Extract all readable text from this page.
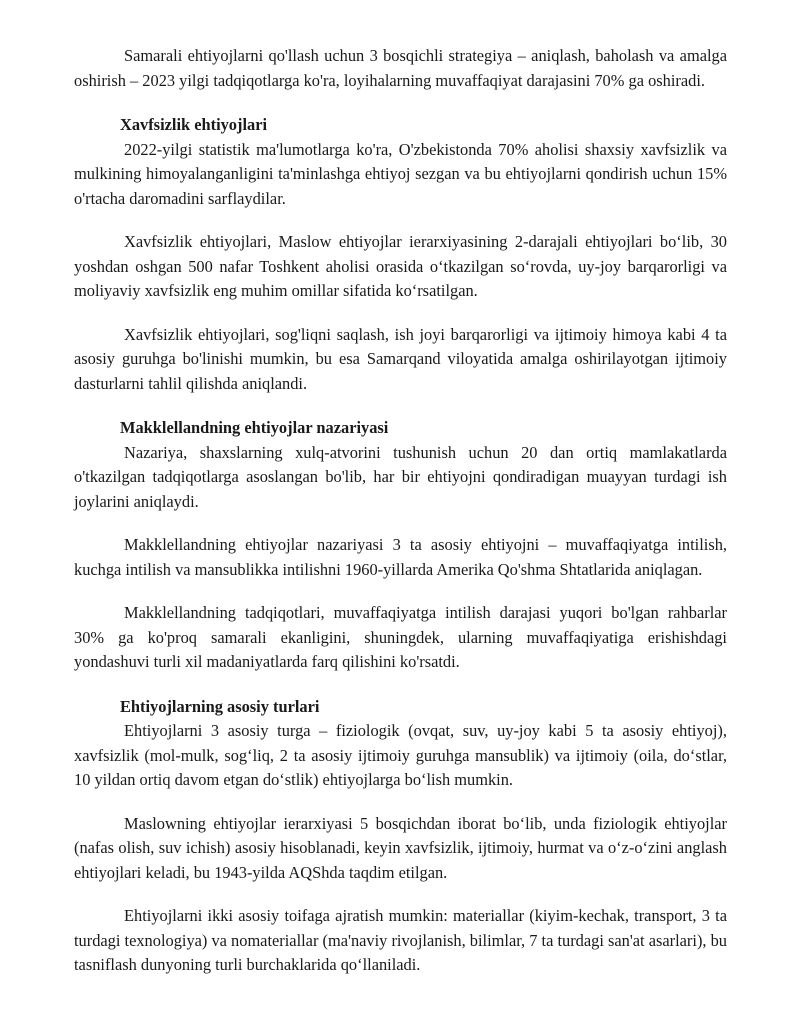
Samarali ehtiyojlarni qo'llash uchun 3 bosqichli strategiya – aniqlash, baholash va amalga oshirish – 2023 yilgi tadqiqotlarga ko'ra, loyihalarning muvaffaqiyat darajasini 70% ga oshiradi.

Xavfsizlik ehtiyojlari

2022-yilgi statistik ma'lumotlarga ko'ra, O'zbekistonda 70% aholisi shaxsiy xavfsizlik va mulkining himoyalanganligini ta'minlashga ehtiyoj sezgan va bu ehtiyojlarni qondirish uchun 15% o'rtacha daromadini sarflaydilar.

Xavfsizlik ehtiyojlari, Maslow ehtiyojlar ierarxiyasining 2-darajali ehtiyojlari bo‘lib, 30 yoshdan oshgan 500 nafar Toshkent aholisi orasida o‘tkazilgan so‘rovda, uy-joy barqarorligi va moliyaviy xavfsizlik eng muhim omillar sifatida ko‘rsatilgan.

Xavfsizlik ehtiyojlari, sog'liqni saqlash, ish joyi barqarorligi va ijtimoiy himoya kabi 4 ta asosiy guruhga bo'linishi mumkin, bu esa Samarqand viloyatida amalga oshirilayotgan ijtimoiy dasturlarni tahlil qilishda aniqlandi.

Makklellandning ehtiyojlar nazariyasi

Nazariya, shaxslarning xulq-atvorini tushunish uchun 20 dan ortiq mamlakatlarda o'tkazilgan tadqiqotlarga asoslangan bo'lib, har bir ehtiyojni qondiradigan muayyan turdagi ish joylarini aniqlaydi.

Makklellandning ehtiyojlar nazariyasi 3 ta asosiy ehtiyojni – muvaffaqiyatga intilish, kuchga intilish va mansublikka intilishni 1960-yillarda Amerika Qo'shma Shtatlarida aniqlagan.

Makklellandning tadqiqotlari, muvaffaqiyatga intilish darajasi yuqori bo'lgan rahbarlar 30% ga ko'proq samarali ekanligini, shuningdek, ularning muvaffaqiyatiga erishishdagi yondashuvi turli xil madaniyatlarda farq qilishini ko'rsatdi.

Ehtiyojlarning asosiy turlari

Ehtiyojlarni 3 asosiy turga – fiziologik (ovqat, suv, uy-joy kabi 5 ta asosiy ehtiyoj), xavfsizlik (mol-mulk, sog‘liq, 2 ta asosiy ijtimoiy guruhga mansublik) va ijtimoiy (oila, do‘stlar, 10 yildan ortiq davom etgan do‘stlik) ehtiyojlarga bo‘lish mumkin.

Maslowning ehtiyojlar ierarxiyasi 5 bosqichdan iborat bo‘lib, unda fiziologik ehtiyojlar (nafas olish, suv ichish) asosiy hisoblanadi, keyin xavfsizlik, ijtimoiy, hurmat va o‘z-o‘zini anglash ehtiyojlari keladi, bu 1943-yilda AQShda taqdim etilgan.

Ehtiyojlarni ikki asosiy toifaga ajratish mumkin: materiallar (kiyim-kechak, transport, 3 ta turdagi texnologiya) va nomateriallar (ma'naviy rivojlanish, bilimlar, 7 ta turdagi san'at asarlari), bu tasniflash dunyoning turli burchaklarida qo‘llaniladi.
